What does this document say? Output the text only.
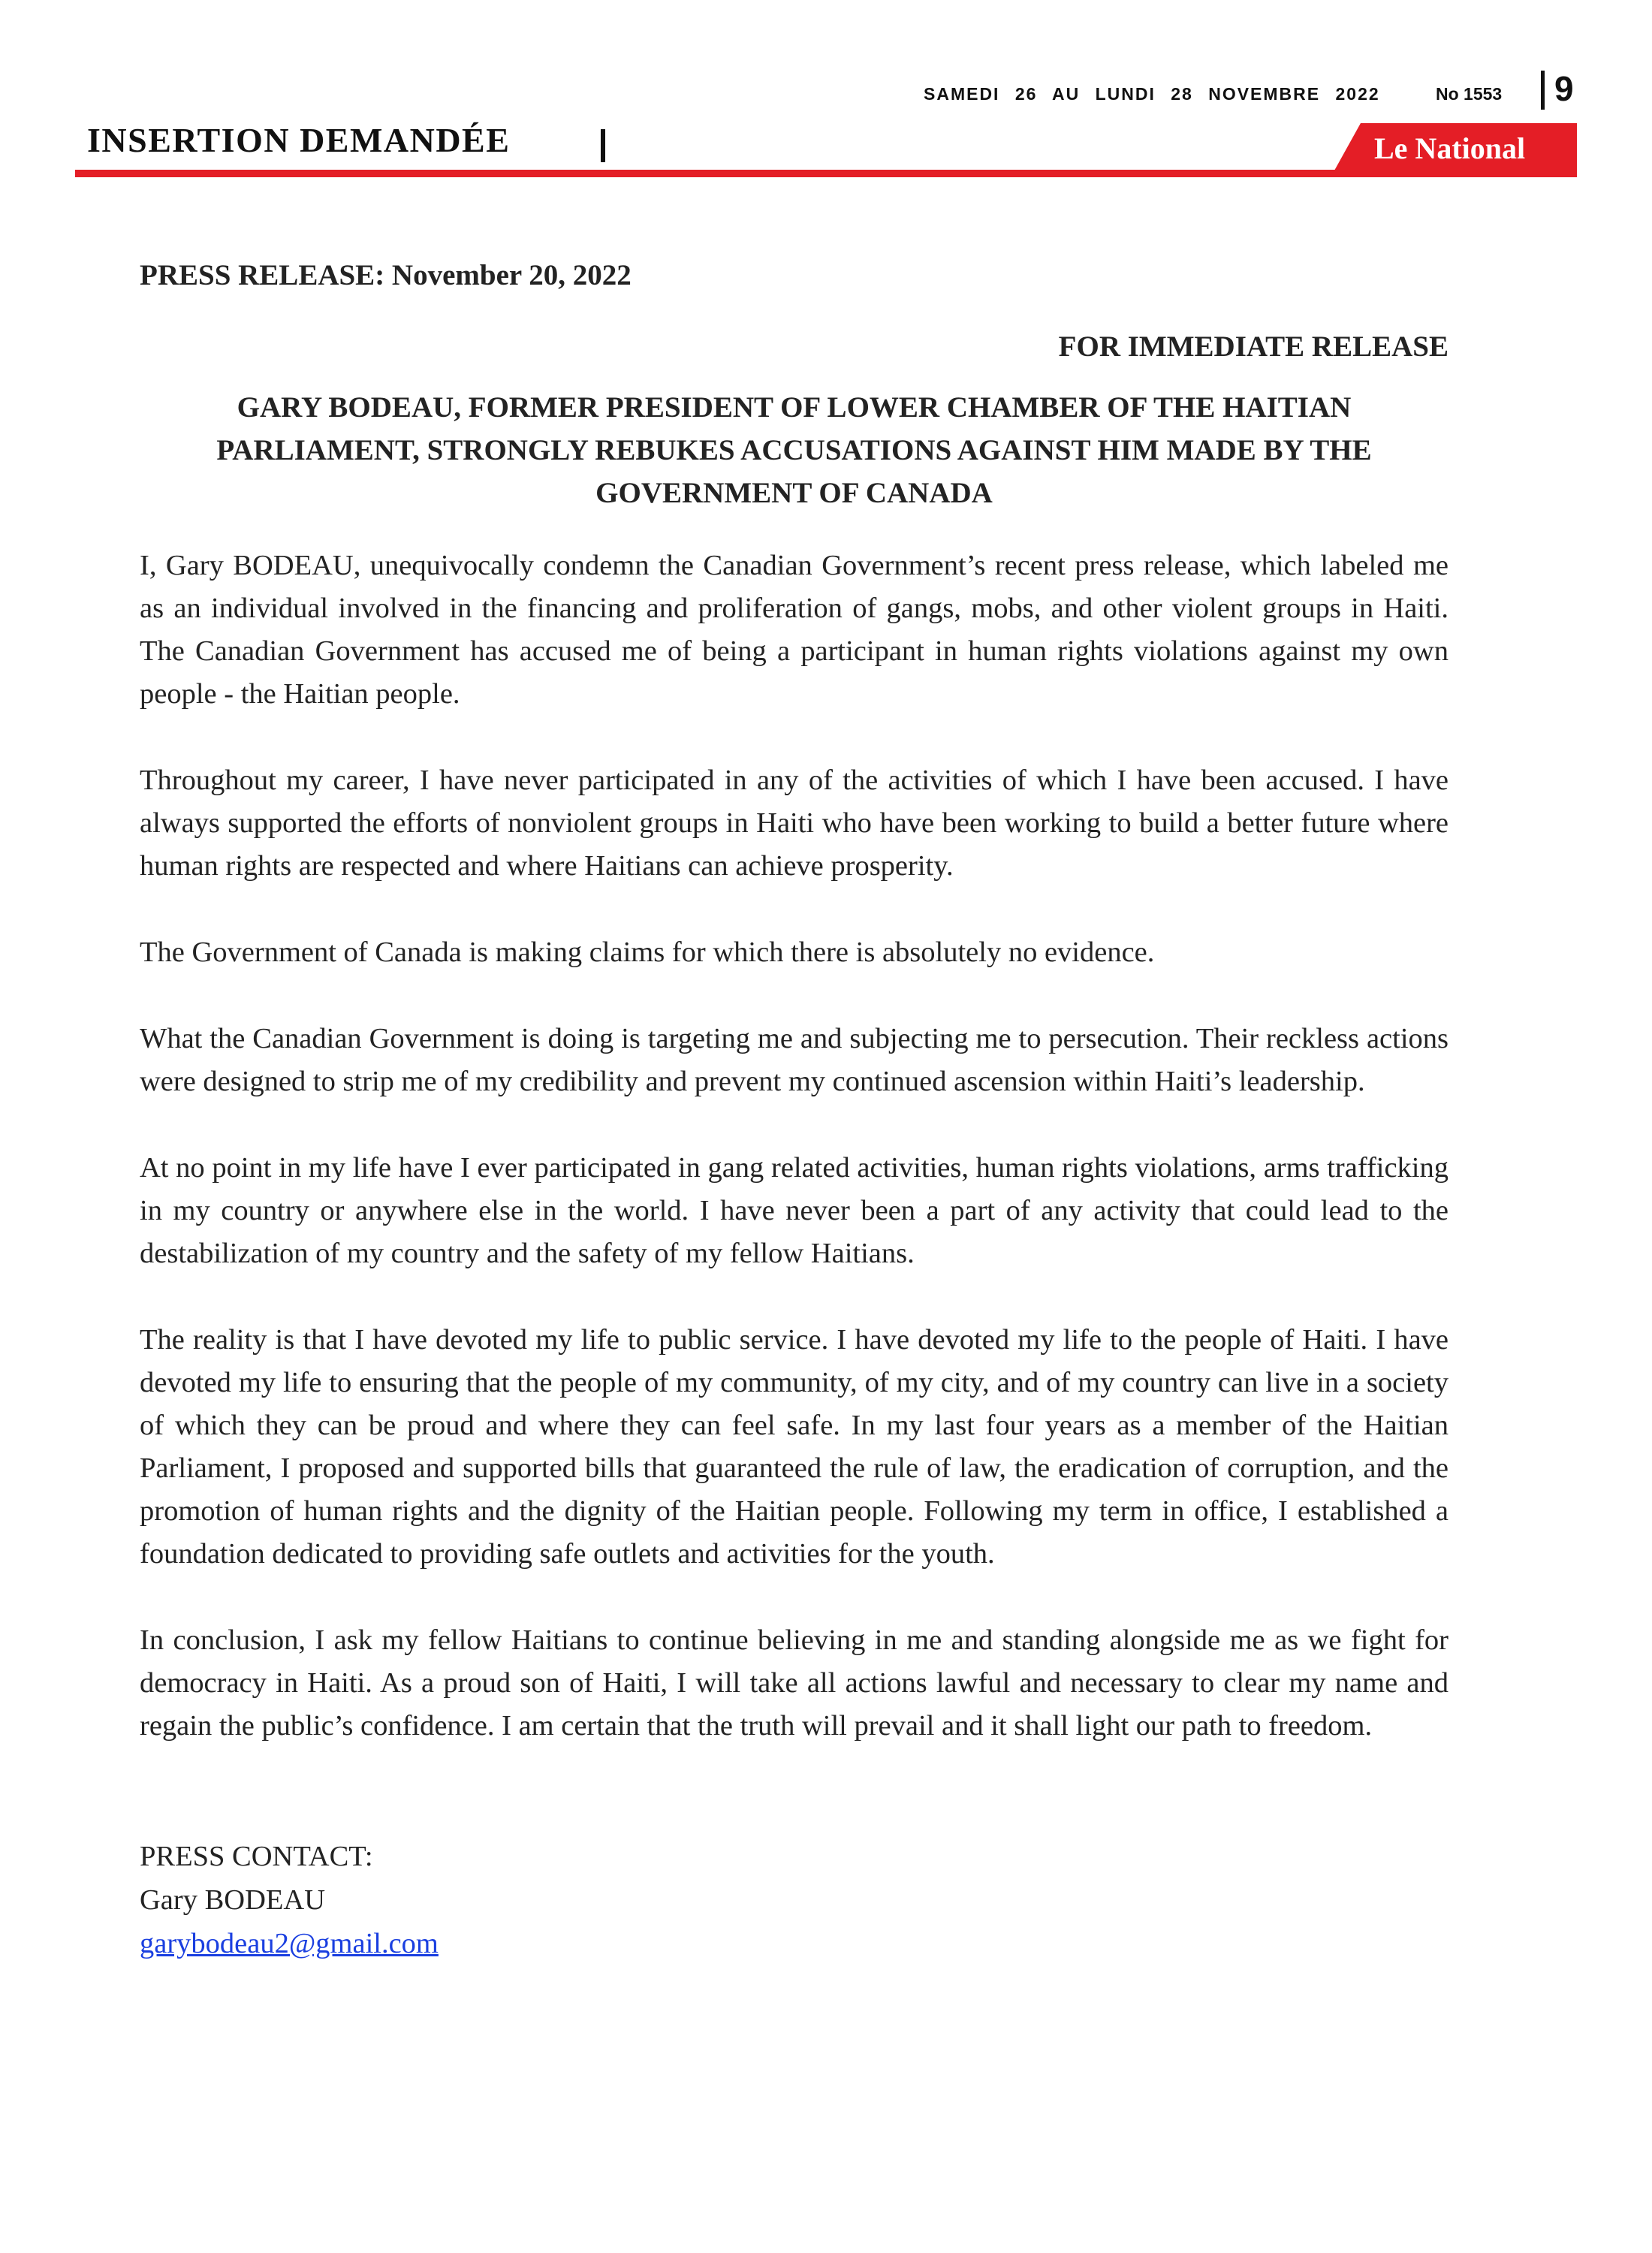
SAMEDI 26 AU LUNDI 28 NOVEMBRE 2022	No 1553 9
INSERTION DEMANDÉE	Le National
PRESS RELEASE: November 20, 2022
FOR IMMEDIATE RELEASE
GARY BODEAU, FORMER PRESIDENT OF LOWER CHAMBER OF THE HAITIAN PARLIAMENT, STRONGLY REBUKES ACCUSATIONS AGAINST HIM MADE BY THE GOVERNMENT OF CANADA

I, Gary BODEAU, unequivocally condemn the Canadian Government’s recent press release, which labeled me as an individual involved in the financing and proliferation of gangs, mobs, and other violent groups in Haiti. The Canadian Government has accused me of being a participant in human rights violations against my own people - the Haitian people.

Throughout my career, I have never participated in any of the activities of which I have been accused. I have always supported the efforts of nonviolent groups in Haiti who have been working to build a better future where human rights are respected and where Haitians can achieve prosperity.

The Government of Canada is making claims for which there is absolutely no evidence.

What the Canadian Government is doing is targeting me and subjecting me to persecution. Their reckless actions were designed to strip me of my credibility and prevent my continued ascension within Haiti’s leadership.

At no point in my life have I ever participated in gang related activities, human rights violations, arms trafficking in my country or anywhere else in the world. I have never been a part of any activity that could lead to the destabilization of my country and the safety of my fellow Haitians.

The reality is that I have devoted my life to public service. I have devoted my life to the people of Haiti. I have devoted my life to ensuring that the people of my community, of my city, and of my country can live in a society of which they can be proud and where they can feel safe. In my last four years as a member of the Haitian Parliament, I proposed and supported bills that guaranteed the rule of law, the eradication of corruption, and the promotion of human rights and the dignity of the Haitian people. Following my term in office, I established a foundation dedicated to providing safe outlets and activities for the youth.

In conclusion, I ask my fellow Haitians to continue believing in me and standing alongside me as we fight for democracy in Haiti. As a proud son of Haiti, I will take all actions lawful and necessary to clear my name and regain the public’s confidence. I am certain that the truth will prevail and it shall light our path to freedom.

PRESS CONTACT:
Gary BODEAU
garybodeau2@gmail.com
